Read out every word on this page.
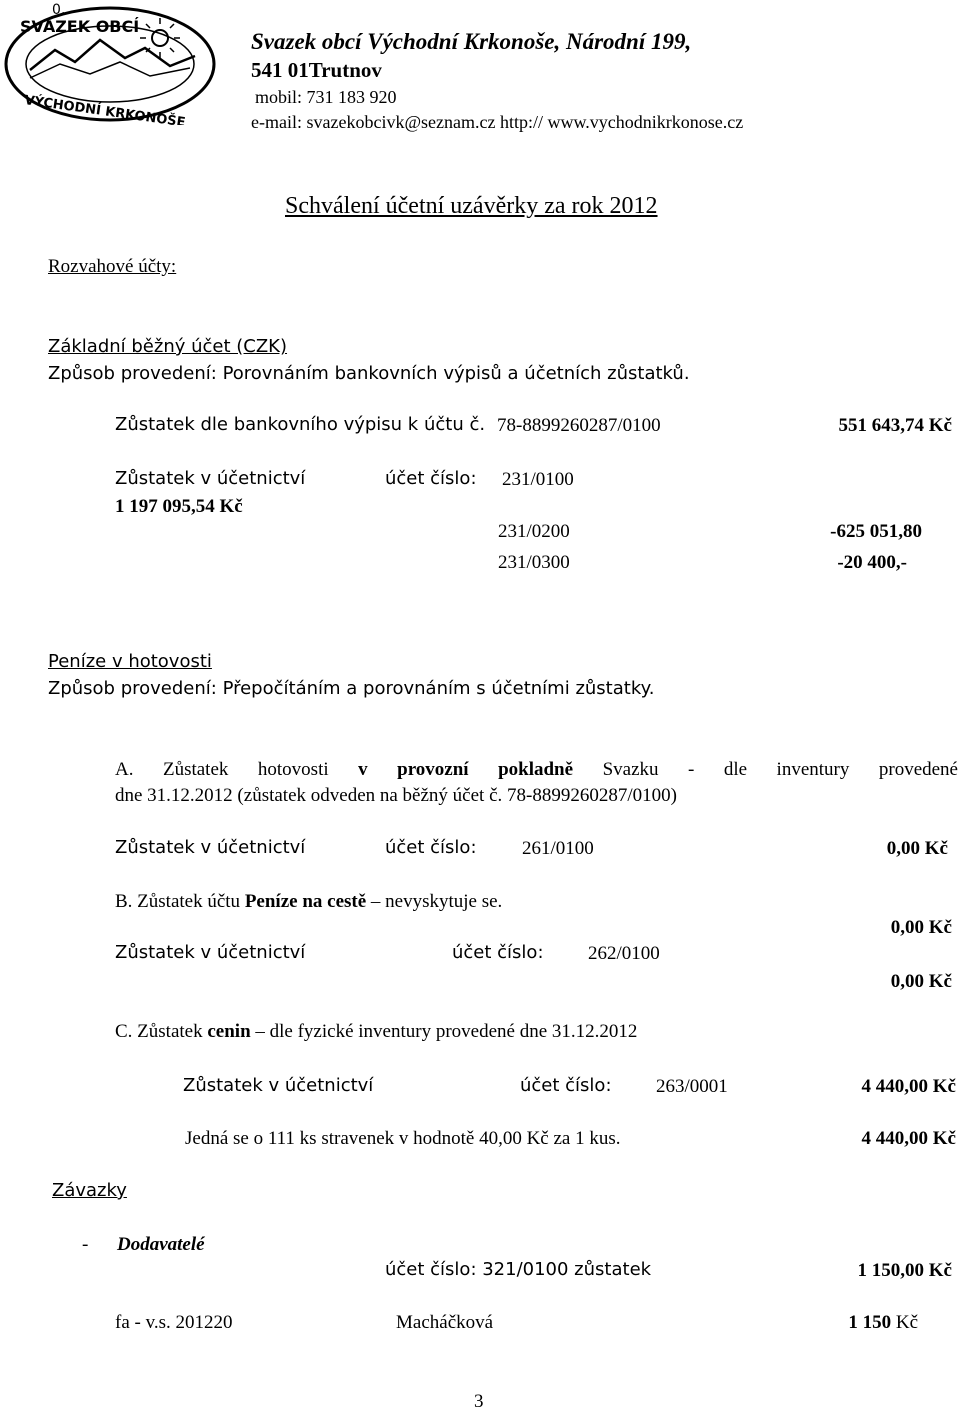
SVAZEK OBCÍ
VÝCHODNÍ KRKONOŠE
0,
Svazek obcí Východní Krkonoše, Národní 199,
541 01Trutnov
mobil: 731 183 920
e-mail: svazekobcivk@seznam.cz http:// www.vychodnikrkonose.cz
Schválení účetní uzávěrky za rok 2012
Rozvahové účty:
Základní běžný účet (CZK)
Způsob provedení: Porovnáním bankovních výpisů a účetních zůstatků.
Zůstatek dle bankovního výpisu k účtu č. 78-8899260287/0100	551 643,74 Kč
Zůstatek v účetnictví	účet číslo: 231/0100
1 197 095,54 Kč
231/0200	-625 051,80
231/0300	-20 400,-
Peníze v hotovosti
Způsob provedení: Přepočítáním a porovnáním s účetními zůstatky.
A. Zůstatek hotovosti v provozní pokladně Svazku - dle inventury provedené
dne 31.12.2012 (zůstatek odveden na běžný účet č. 78-8899260287/0100)
Zůstatek v účetnictví	účet číslo: 261/0100	0,00 Kč
B. Zůstatek účtu Peníze na cestě – nevyskytuje se.
0,00 Kč
Zůstatek v účetnictví	účet číslo: 262/0100
0,00 Kč
C. Zůstatek cenin – dle fyzické inventury provedené dne 31.12.2012
Zůstatek v účetnictví	účet číslo: 263/0001	4 440,00 Kč
Jedná se o 111 ks stravenek v hodnotě 40,00 Kč za 1 kus.	4 440,00 Kč
Závazky
- Dodavatelé
účet číslo: 321/0100 zůstatek	1 150,00 Kč
fa - v.s. 201220	Macháčková	1 150 Kč
3
